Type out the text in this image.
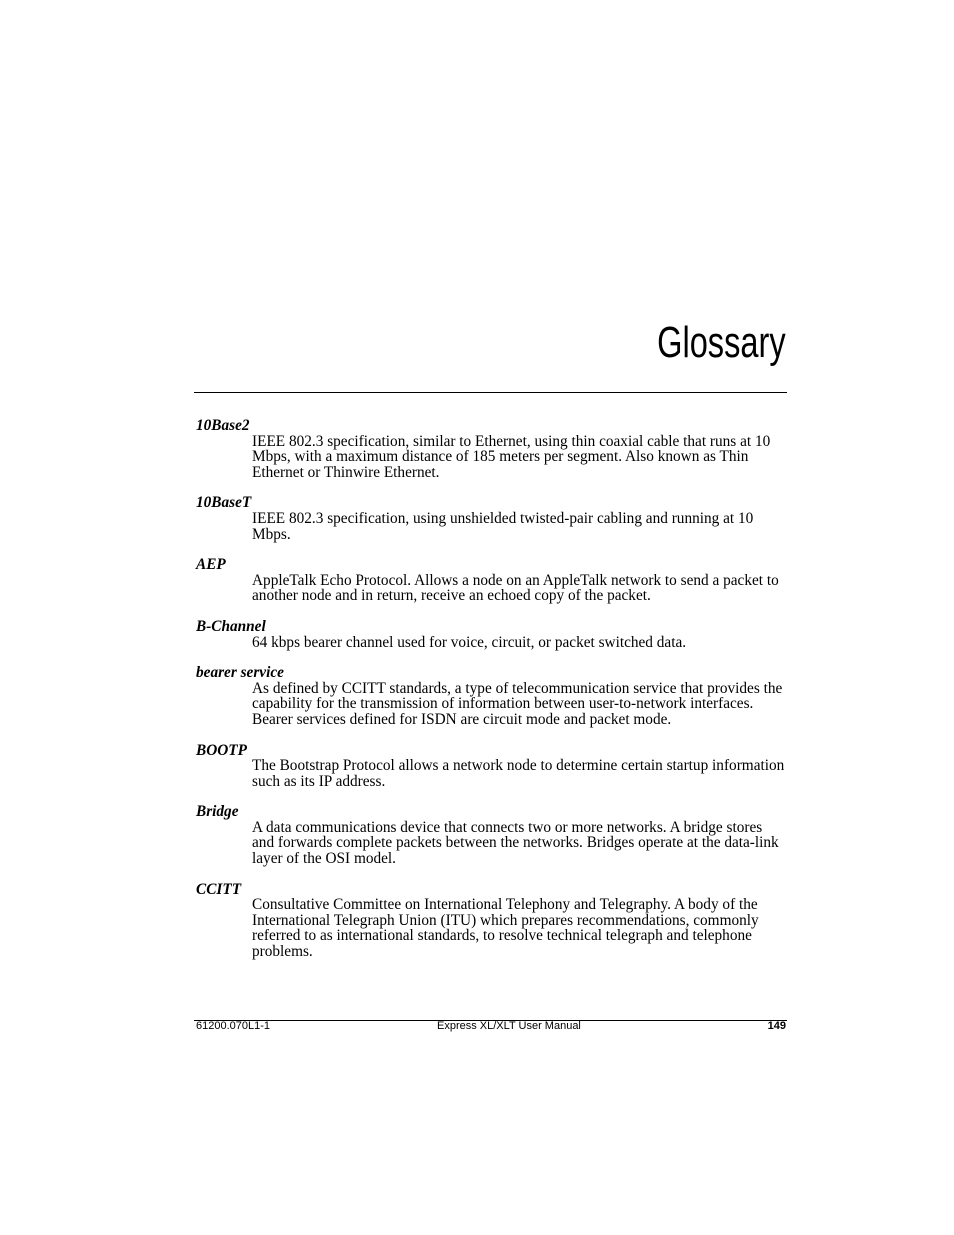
Glossary
10Base2
IEEE 802.3 specification, similar to Ethernet, using thin coaxial cable that runs at 10 Mbps, with a maximum distance of 185 meters per segment. Also known as Thin Ethernet or Thinwire Ethernet.
10BaseT
IEEE 802.3 specification, using unshielded twisted-pair cabling and running at 10 Mbps.
AEP
AppleTalk Echo Protocol. Allows a node on an AppleTalk network to send a packet to another node and in return, receive an echoed copy of the packet.
B-Channel
64 kbps bearer channel used for voice, circuit, or packet switched data.
bearer service
As defined by CCITT standards, a type of telecommunication service that provides the capability for the transmission of information between user-to-network interfaces. Bearer services defined for ISDN are circuit mode and packet mode.
BOOTP
The Bootstrap Protocol allows a network node to determine certain startup information such as its IP address.
Bridge
A data communications device that connects two or more networks. A bridge stores and forwards complete packets between the networks. Bridges operate at the data-link layer of the OSI model.
CCITT
Consultative Committee on International Telephony and Telegraphy. A body of the International Telegraph Union (ITU) which prepares recommendations, commonly referred to as international standards, to resolve technical telegraph and telephone problems.
61200.070L1-1	Express XL/XLT User Manual	149
